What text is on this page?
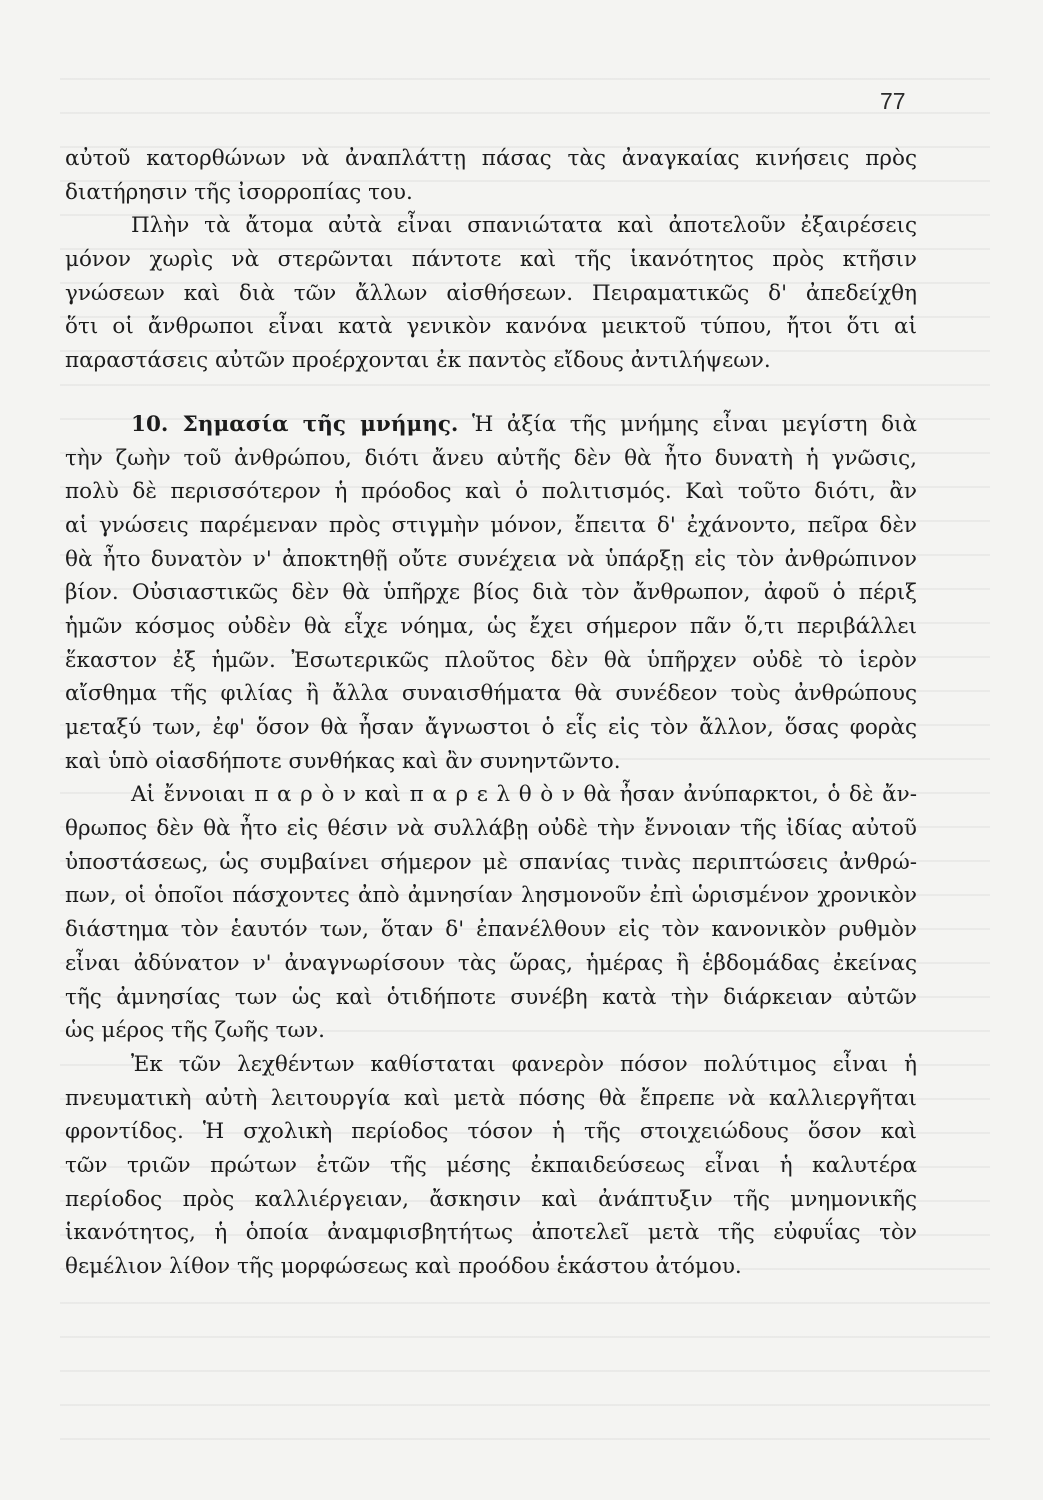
77
αὐτοῦ κατορθώνων νὰ ἀναπλάττῃ πάσας τὰς ἀναγκαίας κινήσεις πρὸς
διατήρησιν τῆς ἰσορροπίας του.
Πλὴν τὰ ἄτομα αὐτὰ εἶναι σπανιώτατα καὶ ἀποτελοῦν ἐξαιρέσεις
μόνον χωρὶς νὰ στερῶνται πάντοτε καὶ τῆς ἱκανότητος πρὸς κτῆσιν
γνώσεων καὶ διὰ τῶν ἄλλων αἰσθήσεων. Πειραματικῶς δ' ἀπεδείχθη
ὅτι οἱ ἄνθρωποι εἶναι κατὰ γενικὸν κανόνα μεικτοῦ τύπου, ἤτοι ὅτι αἱ
παραστάσεις αὐτῶν προέρχονται ἐκ παντὸς εἴδους ἀντιλήψεων.
10. Σημασία τῆς μνήμης. Ἡ ἀξία τῆς μνήμης εἶναι μεγίστη διὰ
τὴν ζωὴν τοῦ ἀνθρώπου, διότι ἄνευ αὐτῆς δὲν θὰ ἦτο δυνατὴ ἡ γνῶσις,
πολὺ δὲ περισσότερον ἡ πρόοδος καὶ ὁ πολιτισμός. Καὶ τοῦτο διότι, ἂν
αἱ γνώσεις παρέμεναν πρὸς στιγμὴν μόνον, ἔπειτα δ' ἐχάνοντο, πεῖρα δὲν
θὰ ἦτο δυνατὸν ν' ἀποκτηθῇ οὔτε συνέχεια νὰ ὑπάρξῃ εἰς τὸν ἀνθρώπινον
βίον. Οὐσιαστικῶς δὲν θὰ ὑπῆρχε βίος διὰ τὸν ἄνθρωπον, ἀφοῦ ὁ πέριξ
ἡμῶν κόσμος οὐδὲν θὰ εἶχε νόημα, ὡς ἔχει σήμερον πᾶν ὅ,τι περιβάλλει
ἕκαστον ἐξ ἡμῶν. Ἐσωτερικῶς πλοῦτος δὲν θὰ ὑπῆρχεν οὐδὲ τὸ ἱερὸν
αἴσθημα τῆς φιλίας ἢ ἄλλα συναισθήματα θὰ συνέδεον τοὺς ἀνθρώπους
μεταξύ των, ἐφ' ὅσον θὰ ἦσαν ἄγνωστοι ὁ εἷς εἰς τὸν ἄλλον, ὅσας φορὰς
καὶ ὑπὸ οἱασδήποτε συνθήκας καὶ ἂν συνηντῶντο.
Αἱ ἔννοιαι π α ρ ὸ ν καὶ π α ρ ε λ θ ὸ ν θὰ ἦσαν ἀνύπαρκτοι, ὁ δὲ ἄν-
θρωπος δὲν θὰ ἦτο εἰς θέσιν νὰ συλλάβῃ οὐδὲ τὴν ἔννοιαν τῆς ἰδίας αὐτοῦ
ὑποστάσεως, ὡς συμβαίνει σήμερον μὲ σπανίας τινὰς περιπτώσεις ἀνθρώ-
πων, οἱ ὁποῖοι πάσχοντες ἀπὸ ἀμνησίαν λησμονοῦν ἐπὶ ὡρισμένον χρονικὸν
διάστημα τὸν ἑαυτόν των, ὅταν δ' ἐπανέλθουν εἰς τὸν κανονικὸν ρυθμὸν
εἶναι ἀδύνατον ν' ἀναγνωρίσουν τὰς ὥρας, ἡμέρας ἢ ἑβδομάδας ἐκείνας
τῆς ἀμνησίας των ὡς καὶ ὁτιδήποτε συνέβη κατὰ τὴν διάρκειαν αὐτῶν
ὡς μέρος τῆς ζωῆς των.
Ἐκ τῶν λεχθέντων καθίσταται φανερὸν πόσον πολύτιμος εἶναι ἡ
πνευματικὴ αὐτὴ λειτουργία καὶ μετὰ πόσης θὰ ἔπρεπε νὰ καλλιεργῆται
φροντίδος. Ἡ σχολικὴ περίοδος τόσον ἡ τῆς στοιχειώδους ὅσον καὶ
τῶν τριῶν πρώτων ἐτῶν τῆς μέσης ἐκπαιδεύσεως εἶναι ἡ καλυτέρα
περίοδος πρὸς καλλιέργειαν, ἄσκησιν καὶ ἀνάπτυξιν τῆς μνημονικῆς
ἱκανότητος, ἡ ὁποία ἀναμφισβητήτως ἀποτελεῖ μετὰ τῆς εὐφυΐας τὸν
θεμέλιον λίθον τῆς μορφώσεως καὶ προόδου ἑκάστου ἀτόμου.
